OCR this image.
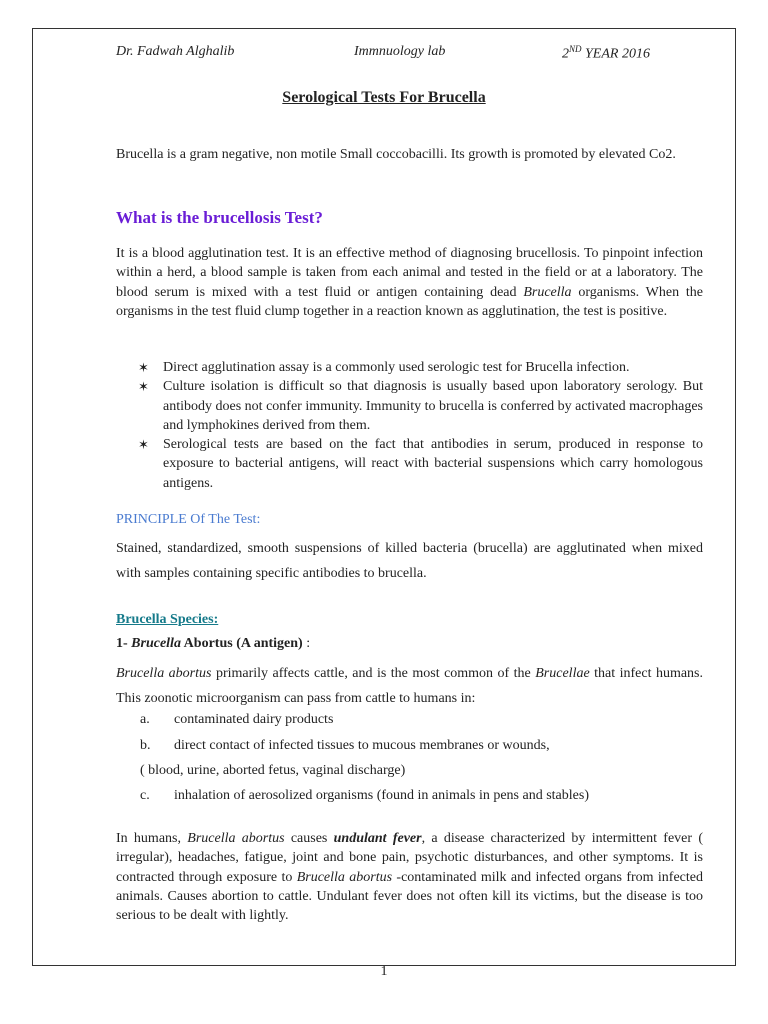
Dr. Fadwah Alghalib	Immnuology lab	2ND YEAR 2016
Serological Tests For Brucella
Brucella is a gram negative, non motile Small coccobacilli. Its growth is promoted by elevated Co2.
What is the brucellosis Test?
It is a blood agglutination test. It is an effective method of diagnosing brucellosis. To pinpoint infection within a herd, a blood sample is taken from each animal and tested in the field or at a laboratory. The blood serum is mixed with a test fluid or antigen containing dead Brucella organisms. When the organisms in the test fluid clump together in a reaction known as agglutination, the test is positive.
✶ Direct agglutination assay is a commonly used serologic test for Brucella infection.
✶ Culture isolation is difficult so that diagnosis is usually based upon laboratory serology. But antibody does not confer immunity. Immunity to brucella is conferred by activated macrophages and lymphokines derived from them.
✶ Serological tests are based on the fact that antibodies in serum, produced in response to exposure to bacterial antigens, will react with bacterial suspensions which carry homologous antigens.
PRINCIPLE Of The Test:
Stained, standardized, smooth suspensions of killed bacteria (brucella) are agglutinated when mixed with samples containing specific antibodies to brucella.
Brucella Species:
1- Brucella Abortus (A antigen) :
Brucella abortus primarily affects cattle, and is the most common of the Brucellae that infect humans. This zoonotic microorganism can pass from cattle to humans in:
a. contaminated dairy products
b. direct contact of infected tissues to mucous membranes or wounds,
( blood, urine, aborted fetus, vaginal discharge)
c. inhalation of aerosolized organisms (found in animals in pens and stables)
In humans, Brucella abortus causes undulant fever, a disease characterized by intermittent fever ( irregular), headaches, fatigue, joint and bone pain, psychotic disturbances, and other symptoms. It is contracted through exposure to Brucella abortus -contaminated milk and infected organs from infected animals. Causes abortion to cattle. Undulant fever does not often kill its victims, but the disease is too serious to be dealt with lightly.
1
